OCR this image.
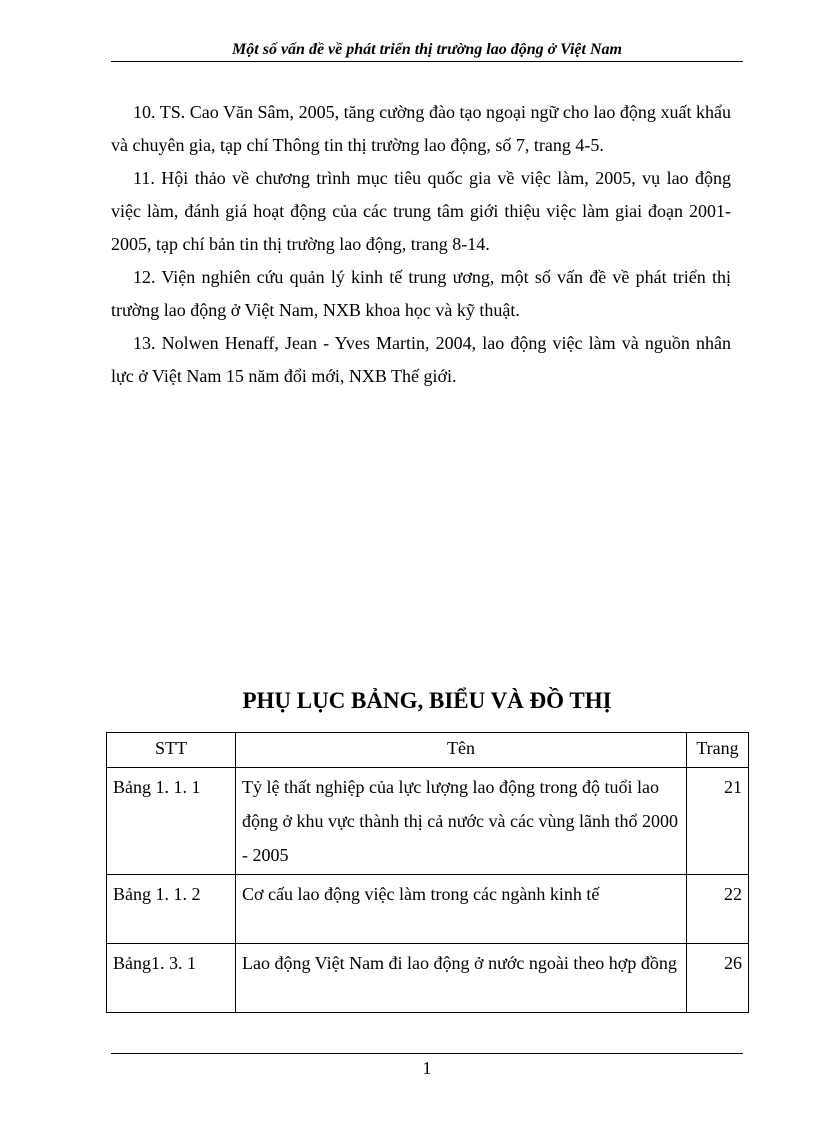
Một số vấn đề về phát triển thị trường lao động ở Việt Nam

10. TS. Cao Văn Sâm, 2005, tăng cường đào tạo ngoại ngữ cho lao động xuất khẩu và chuyên gia, tạp chí Thông tin thị trường lao động, số 7, trang 4-5.

11. Hội thảo về chương trình mục tiêu quốc gia về việc làm, 2005, vụ lao động việc làm, đánh giá hoạt động của các trung tâm giới thiệu việc làm giai đoạn 2001-2005, tạp chí bản tin thị trường lao động, trang 8-14.

12. Viện nghiên cứu quản lý kinh tế trung ương, một số vấn đề về phát triển thị trường lao động ở Việt Nam, NXB khoa học và kỹ thuật.

13. Nolwen Henaff, Jean - Yves Martin, 2004, lao động việc làm và nguồn nhân lực ở Việt Nam 15 năm đổi mới, NXB Thế giới.

PHỤ LỤC BẢNG, BIỂU VÀ ĐỒ THỊ
STT	Tên	Trang
Bảng 1. 1. 1	Tỷ lệ thất nghiệp của lực lượng lao động trong độ tuổi lao động ở khu vực thành thị cả nước và các vùng lãnh thổ 2000 - 2005	21
Bảng 1. 1. 2	Cơ cấu lao động việc làm trong các ngành kinh tế	22
Bảng1. 3. 1	Lao động Việt Nam đi lao động ở nước ngoài theo hợp đồng	26
1
